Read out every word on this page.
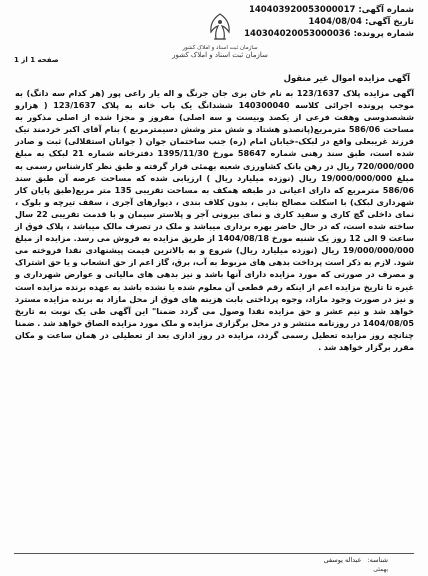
شماره آگهی:
140403920053000017
تاریخ آگهی:
1404/08/04
شماره پرونده:
140304020053000036
سازمان ثبت اسناد و املاک کشور
سازمان ثبت اسناد و املاک کشور
صفحه 1 از 1
آگهی مزایده اموال غیر منقول
آگهی مزایده پلاک 123/1637 به نام خان بری جان جرنگ و اله یار راعی پور (هر کدام سه دانگ) به موجب پرونده اجرائی کلاسه 140300040 ششدانگ یک باب خانه به پلاک 123/1637 ( هزارو ششصدوسی وهفت فرعی از یکصد وبیست و سه اصلی) مفروز و مجزا شده از اصلی مذکور به مساحت 586/06 مترمربع(پانصدو هشتاد و شش متر وشش دسیمترمربع ) بنام آقای اکبر خردمند نیک فرزند غریبعلی واقع در لبکک-خیابان امام (ره) جنب ساختمان جوان ( جوانان استقلالی) ثبت و صادر شده است، طبق سند رهنی شماره 58647 مورخ 1395/11/30 دفترخانه شماره 21 لبکک به مبلغ 720/000/000 ریال در رهن بانک کشاورزی شعبه بهمئی قرار گرفته و طبق نظر کارشناس رسمی به مبلغ 19/000/000/000 ریال (نوزده میلیارد ریال ) ارزیابی شده که مساحت عرصه آن طبق سند 586/06 مترمربع که دارای اعیانی در طبقه همکف به مساحت تقریبی 135 متر مربع(طبق پایان کار شهرداری لبکک) با اسکلت مصالح بنایی ، بدون کلاف بندی ، دیوارهای آجری ، سقف تیرچه و بلوک ، نمای داخلی گچ کاری و سفید کاری و نمای بیرونی آجر و پلاستر سیمان و با قدمت تقریبی 22 سال ساخته شده است، که در حال حاضر بهره برداری میباشد و ملک در تصرف مالک میباشد ، پلاک فوق از ساعت 9 الی 12 روز یک شنبه مورخ 1404/08/18 از طریق مزایده به فروش می رسد. مزایده از مبلغ 19/000/000/000 ریال (نوزده میلیارد ریال) شروع و به بالاترین قیمت پیشنهادی نقدا فروخته می شود. لازم به ذکر است پرداخت بدهی های مربوط به آب، برق، گاز اعم از حق انشعاب و یا حق اشتراک و مصرف در صورتی که مورد مزایده دارای آنها باشد و نیز بدهی های مالیاتی و عوارض شهرداری و غیره تا تاریخ مزایده اعم از اینکه رقم قطعی آن معلوم شده یا نشده باشد به عهده برنده مزایده است و نیز در صورت وجود مازاد، وجوه پرداختی بابت هزینه های فوق از محل مازاد به برنده مزایده مسترد خواهد شد و نیم عشر و حق مزایده نقدا وصول می گردد ضمنا" این آگهی طی یک نوبت به تاریخ 1404/08/05 در روزنامه منتشر و در محل برگزاری مزایده و ملک مورد مزایده الصاق خواهد شد . ضمنا چنانچه روز مزایده تعطیل رسمی گردد، مزایده در روز اداری بعد از تعطیلی در همان ساعت و مکان مقرر برگزار خواهد شد .
شناسه:
عبداله یوسفی
بهمئی
